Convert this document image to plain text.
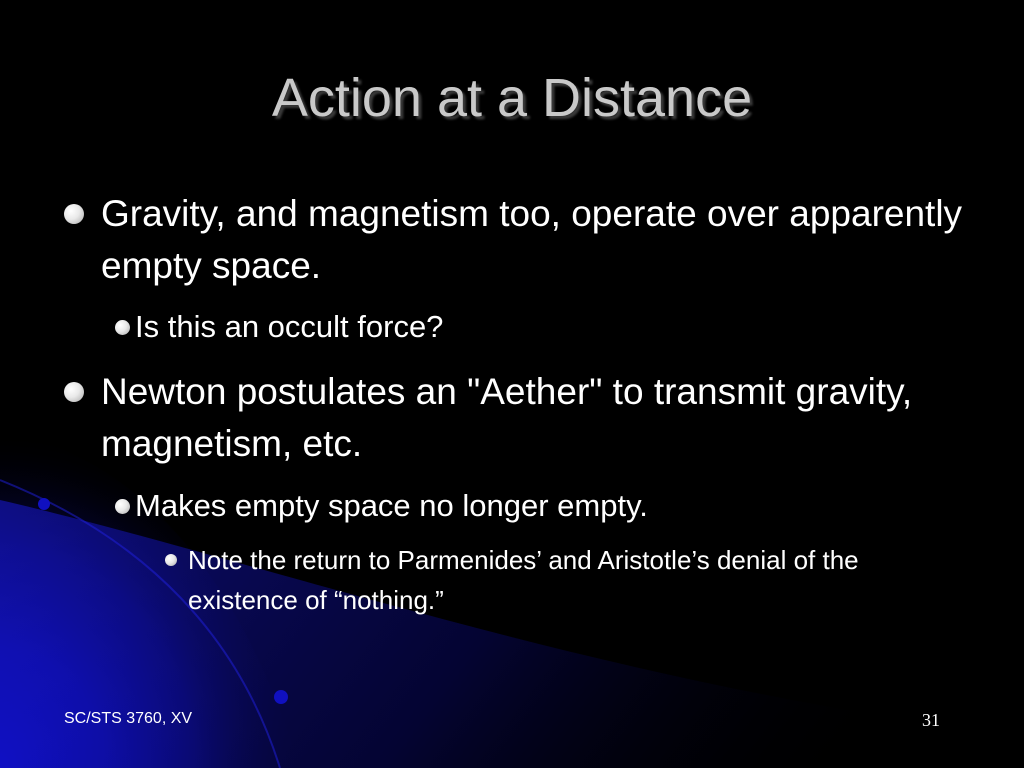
Action at a Distance
Gravity, and magnetism too, operate over apparently empty space.
Is this an occult force?
Newton postulates an "Aether" to transmit gravity, magnetism, etc.
Makes empty space no longer empty.
Note the return to Parmenides’ and Aristotle’s denial of the existence of “nothing.”
SC/STS 3760, XV	31
